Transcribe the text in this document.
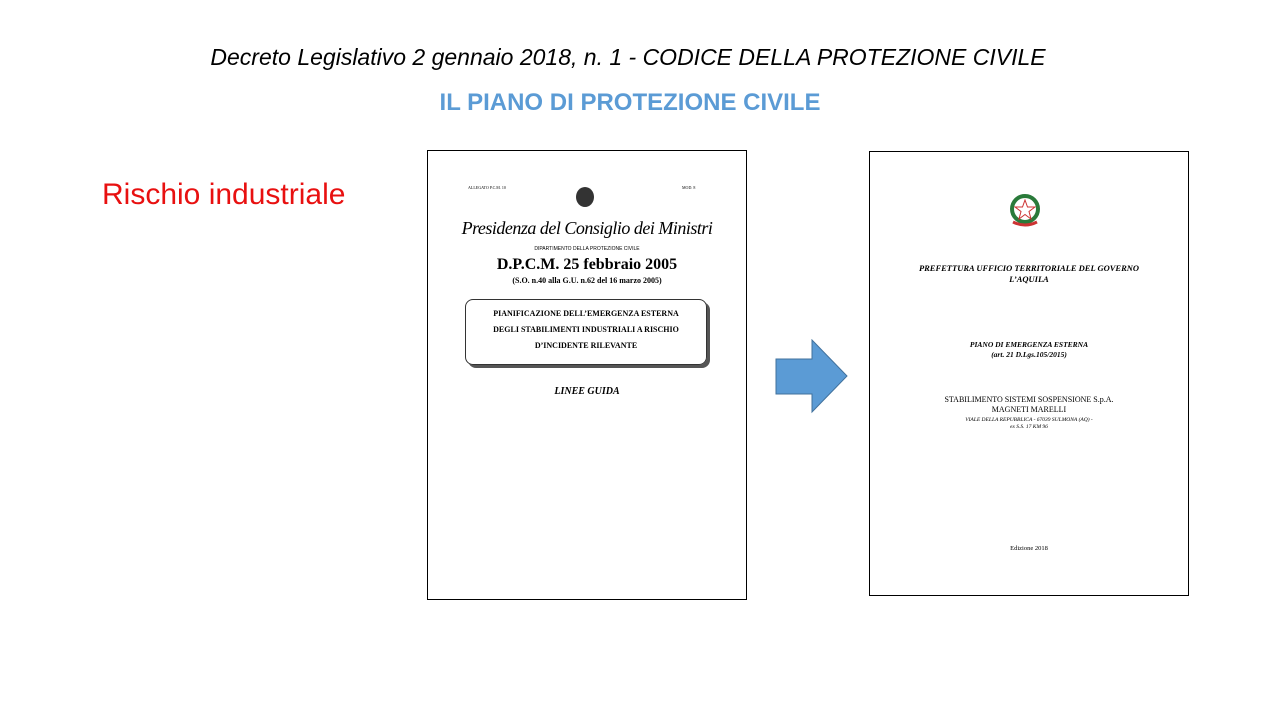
Decreto Legislativo 2 gennaio 2018, n. 1 - CODICE DELLA PROTEZIONE CIVILE
IL PIANO DI PROTEZIONE CIVILE
Rischio industriale	ALLEGATO P.C.M. 10	MOD. 8
Presidenza del Consiglio dei Ministri
DIPARTIMENTO DELLA PROTEZIONE CIVILE
D.P.C.M. 25 febbraio 2005
(S.O. n.40 alla G.U. n.62 del 16 marzo 2005)
PIANIFICAZIONE DELL’EMERGENZA ESTERNA
DEGLI STABILIMENTI INDUSTRIALI A RISCHIO
D’INCIDENTE RILEVANTE
LINEE GUIDA
PREFETTURA UFFICIO TERRITORIALE DEL GOVERNO
L’AQUILA
PIANO DI EMERGENZA ESTERNA
(art. 21 D.Lgs.105/2015)
STABILIMENTO SISTEMI SOSPENSIONE S.p.A.
MAGNETI MARELLI
VIALE DELLA REPUBBLICA - 67039 SULMONA (AQ) -
ex S.S. 17 KM 96
Edizione 2018
